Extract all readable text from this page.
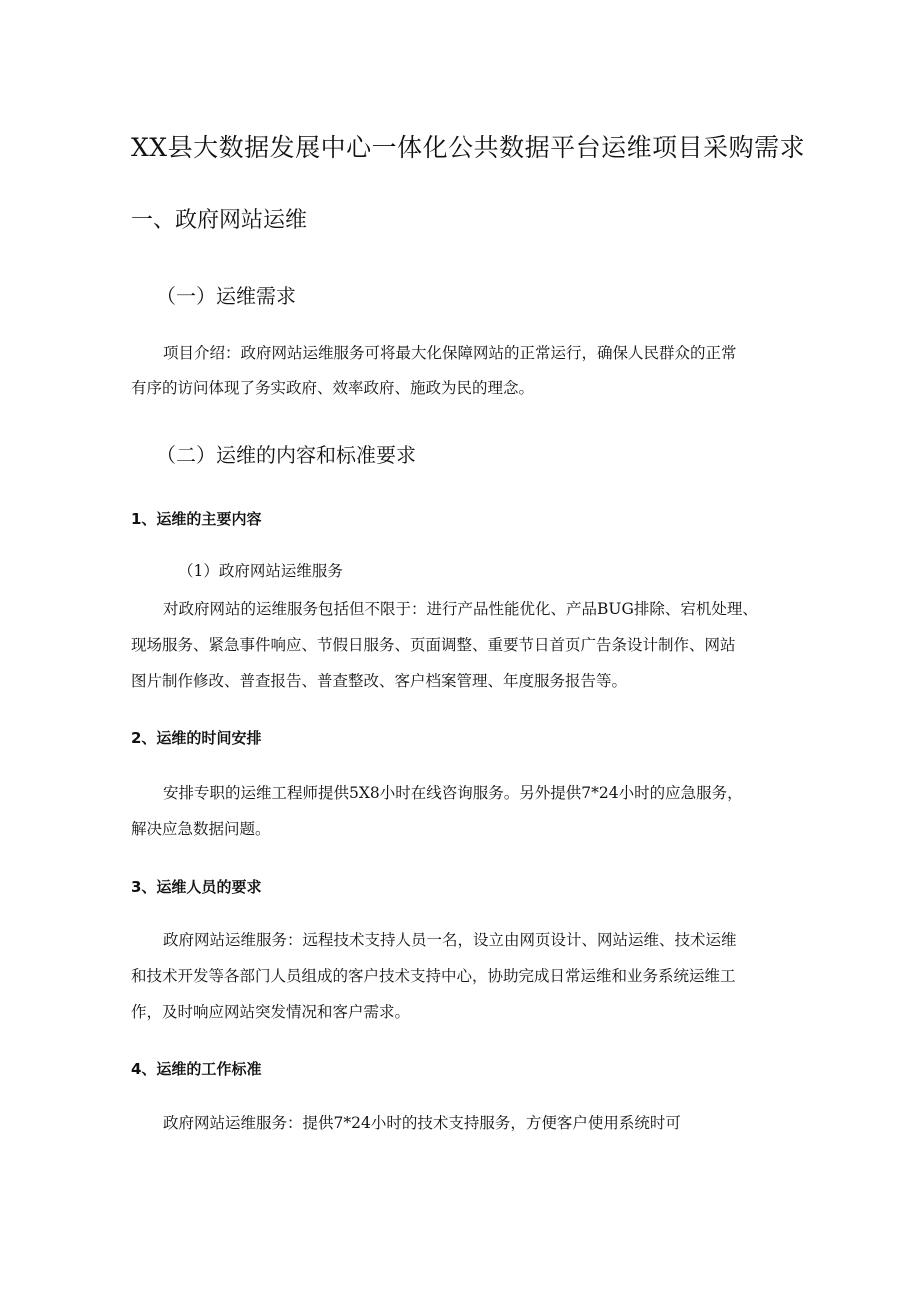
XX县大数据发展中心一体化公共数据平台运维项目采购需求
一、政府网站运维
（一）运维需求

项目介绍：政府网站运维服务可将最大化保障网站的正常运行，确保人民群众的正常

有序的访问体现了务实政府、效率政府、施政为民的理念。

（二）运维的内容和标准要求
1、运维的主要内容

（1）政府网站运维服务

对政府网站的运维服务包括但不限于：进行产品性能优化、产品BUG排除、宕机处理、

现场服务、紧急事件响应、节假日服务、页面调整、重要节日首页广告条设计制作、网站

图片制作修改、普查报告、普查整改、客户档案管理、年度服务报告等。

2、运维的时间安排

安排专职的运维工程师提供5X8小时在线咨询服务。另外提供7*24小时的应急服务，

解决应急数据问题。

3、运维人员的要求

政府网站运维服务：远程技术支持人员一名，设立由网页设计、网站运维、技术运维

和技术开发等各部门人员组成的客户技术支持中心，协助完成日常运维和业务系统运维工

作，及时响应网站突发情况和客户需求。

4、运维的工作标准

政府网站运维服务：提供7*24小时的技术支持服务，方便客户使用系统时可
